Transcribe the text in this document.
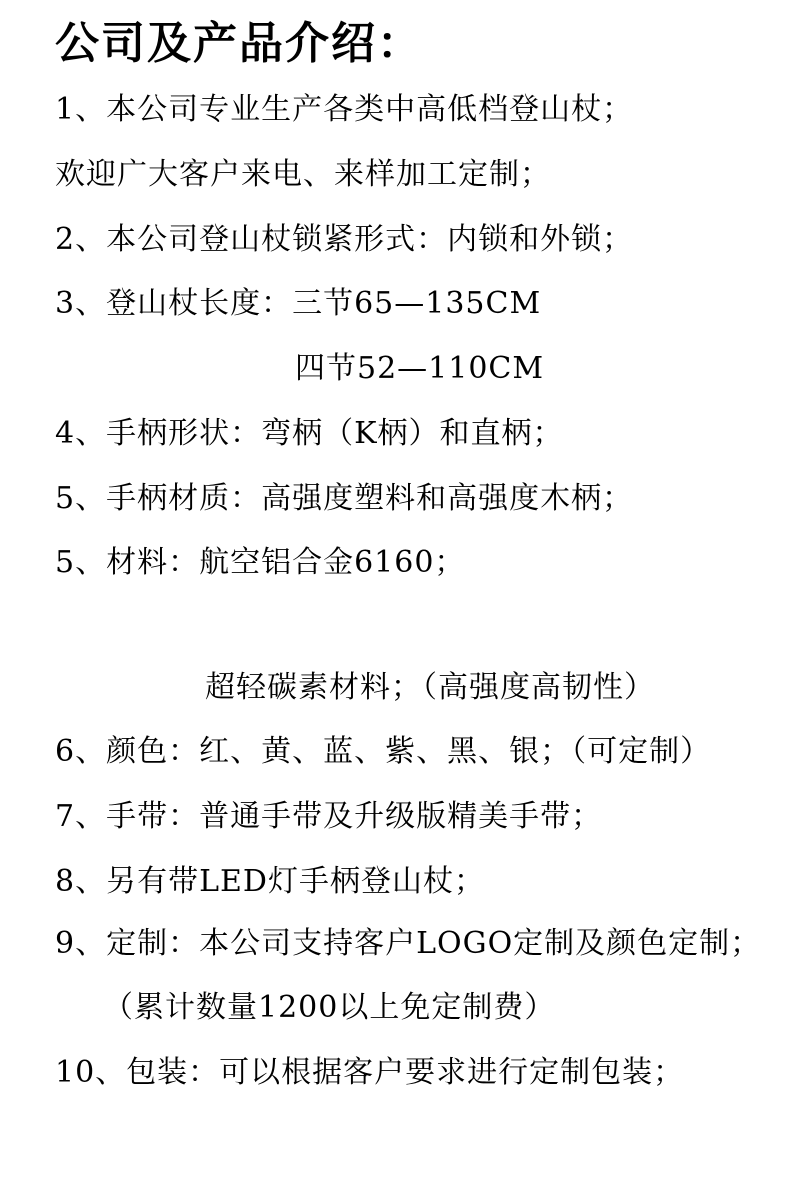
公司及产品介绍：
1、本公司专业生产各类中高低档登山杖；
欢迎广大客户来电、来样加工定制；
2、本公司登山杖锁紧形式：内锁和外锁；
3、登山杖长度：三节65—135CM
四节52—110CM
4、手柄形状：弯柄（K柄）和直柄；
5、手柄材质：高强度塑料和高强度木柄；
5、材料：航空铝合金6160；
超轻碳素材料；（高强度高韧性）
6、颜色：红、黄、蓝、紫、黑、银；（可定制）
7、手带：普通手带及升级版精美手带；
8、另有带LED灯手柄登山杖；
9、定制：本公司支持客户LOGO定制及颜色定制；
（累计数量1200以上免定制费）
10、包装：可以根据客户要求进行定制包装；
